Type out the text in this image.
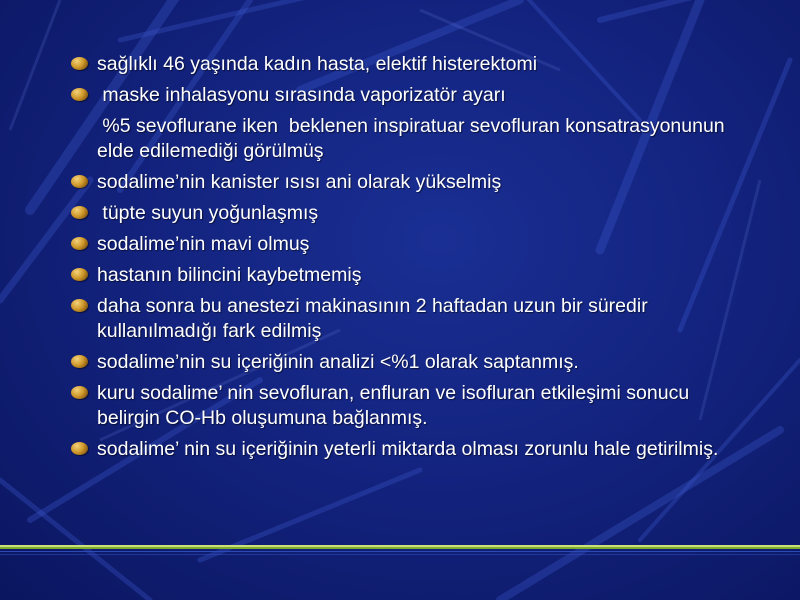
sağlıklı 46 yaşında kadın hasta, elektif histerektomi
maske inhalasyonu sırasında vaporizatör ayarı
%5 sevoflurane iken  beklenen inspiratuar sevofluran konsatrasyonunun elde edilemediği görülmüş
sodalime’nin kanister ısısı ani olarak yükselmiş
tüpte suyun yoğunlaşmış
sodalime’nin mavi olmuş
hastanın bilincini kaybetmemiş
daha sonra bu anestezi makinasının 2 haftadan uzun bir süredir kullanılmadığı fark edilmiş
sodalime’nin su içeriğinin analizi <%1 olarak saptanmış.
kuru sodalime’ nin sevofluran, enfluran ve isofluran etkileşimi sonucu belirgin CO-Hb oluşumuna bağlanmış.
sodalime’ nin su içeriğinin yeterli miktarda olması zorunlu hale getirilmiş.
